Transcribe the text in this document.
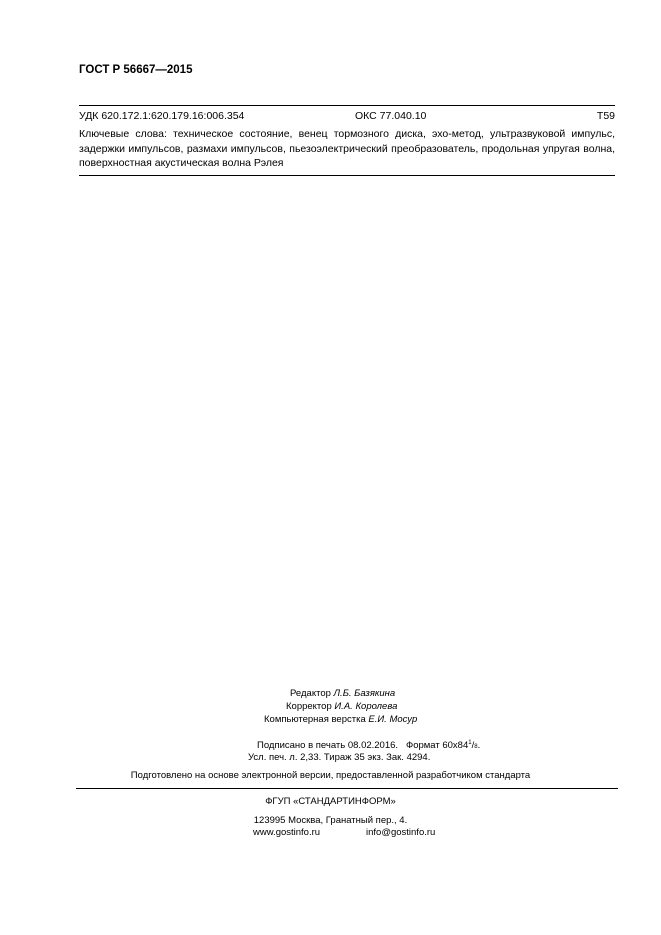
ГОСТ Р 56667—2015
УДК 620.172.1:620.179.16:006.354	ОКС 77.040.10	Т59
Ключевые слова: техническое состояние, венец тормозного диска, эхо-метод, ультразвуковой импульс, задержки импульсов, размахи импульсов, пьезоэлектрический преобразователь, продольная упругая волна, поверхностная акустическая волна Рэлея
Редактор Л.Б. Базякина
Корректор И.А. Королева
Компьютерная верстка Е.И. Мосур
Подписано в печать 08.02.2016. Формат $60x84^1/8$.
Усл. печ. л. 2,33. Тираж 35 экз. Зак. 4294.
Подготовлено на основе электронной версии, предоставленной разработчиком стандарта
ФГУП «СТАНДАРТИНФОРМ»
123995 Москва, Гранатный пер., 4.
www.gostinfo.ru	info@gostinfo.ru
